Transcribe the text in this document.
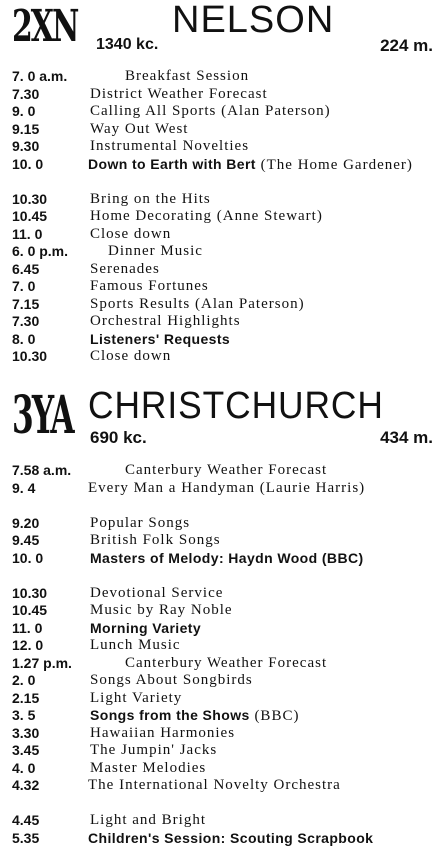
2XN NELSON
1340 kc.	224 m.
7. 0 a.m.	Breakfast Session
7.30	District Weather Forecast
9. 0	Calling All Sports (Alan Paterson)
9.15	Way Out West
9.30	Instrumental Novelties
10. 0	Down to Earth with Bert (The Home Gardener)
10.30	Bring on the Hits
10.45	Home Decorating (Anne Stewart)
11. 0	Close down
6. 0 p.m.	Dinner Music
6.45	Serenades
7. 0	Famous Fortunes
7.15	Sports Results (Alan Paterson)
7.30	Orchestral Highlights
8. 0	Listeners' Requests
10.30	Close down
3YA CHRISTCHURCH
690 kc.	434 m.
7.58 a.m.	Canterbury Weather Forecast
9. 4	Every Man a Handyman (Laurie Harris)
9.20	Popular Songs
9.45	British Folk Songs
10. 0	Masters of Melody: Haydn Wood (BBC)
10.30	Devotional Service
10.45	Music by Ray Noble
11. 0	Morning Variety
12. 0	Lunch Music
1.27 p.m.	Canterbury Weather Forecast
2. 0	Songs About Songbirds
2.15	Light Variety
3. 5	Songs from the Shows (BBC)
3.30	Hawaiian Harmonies
3.45	The Jumpin' Jacks
4. 0	Master Melodies
4.32	The International Novelty Orchestra
4.45	Light and Bright
5.35	Children's Session: Scouting Scrapbook
